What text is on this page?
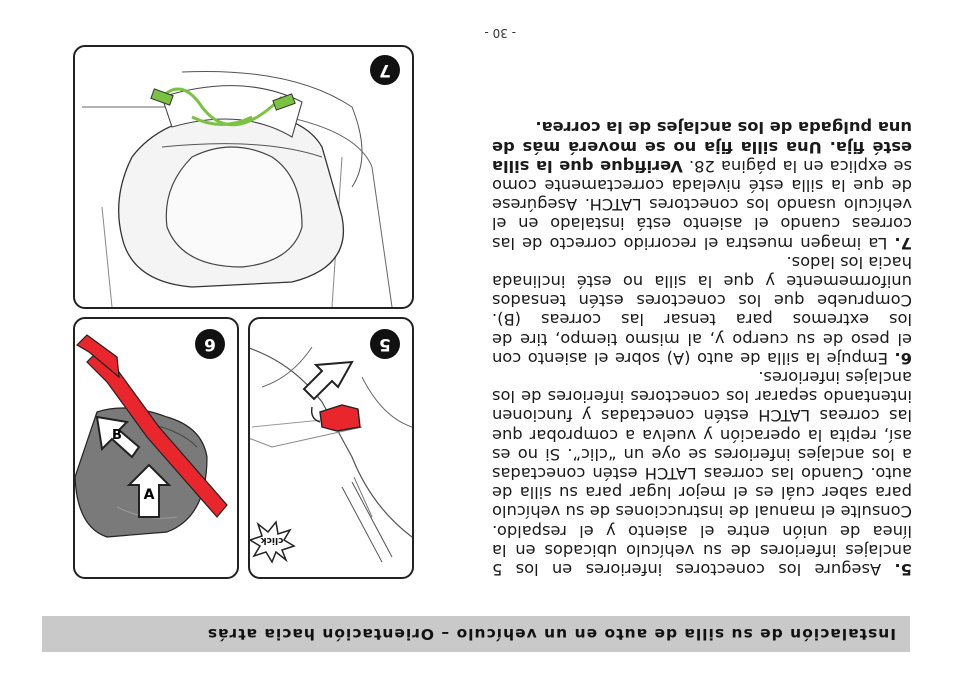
Instalación de su silla de auto en un vehículo – Orientación hacia atrás

5. Asegure los conectores inferiores en los 5 anclajes inferiores de su vehículo ubicados en la línea de unión entre el asiento y el respaldo. Consulte el manual de instrucciones de su vehículo para saber cuál es el mejor lugar para su silla de auto. Cuando las correas LATCH estén conectadas a los anclajes inferiores se oye un “clic”. Si no es así, repita la operación y vuelva a comprobar que las correas LATCH estén conectadas y funcionen intentando separar los conectores inferiores de los anclajes inferiores.

6. Empuje la silla de auto (A) sobre el asiento con el peso de su cuerpo y, al mismo tiempo, tire de los extremos para tensar las correas (B). Compruebe que los conectores estén tensados uniformemente y que la silla no esté inclinada hacia los lados.

7. La imagen muestra el recorrido correcto de las correas cuando el asiento está instalado en el vehículo usando los conectores LATCH. Asegúrese de que la silla esté nivelada correctamente como se explica en la página 28. Verifique que la silla esté fija. Una silla fija no se moverá más de una pulgada de los anclajes de la correa.

- 30 -
click
5
A
B
6
7
